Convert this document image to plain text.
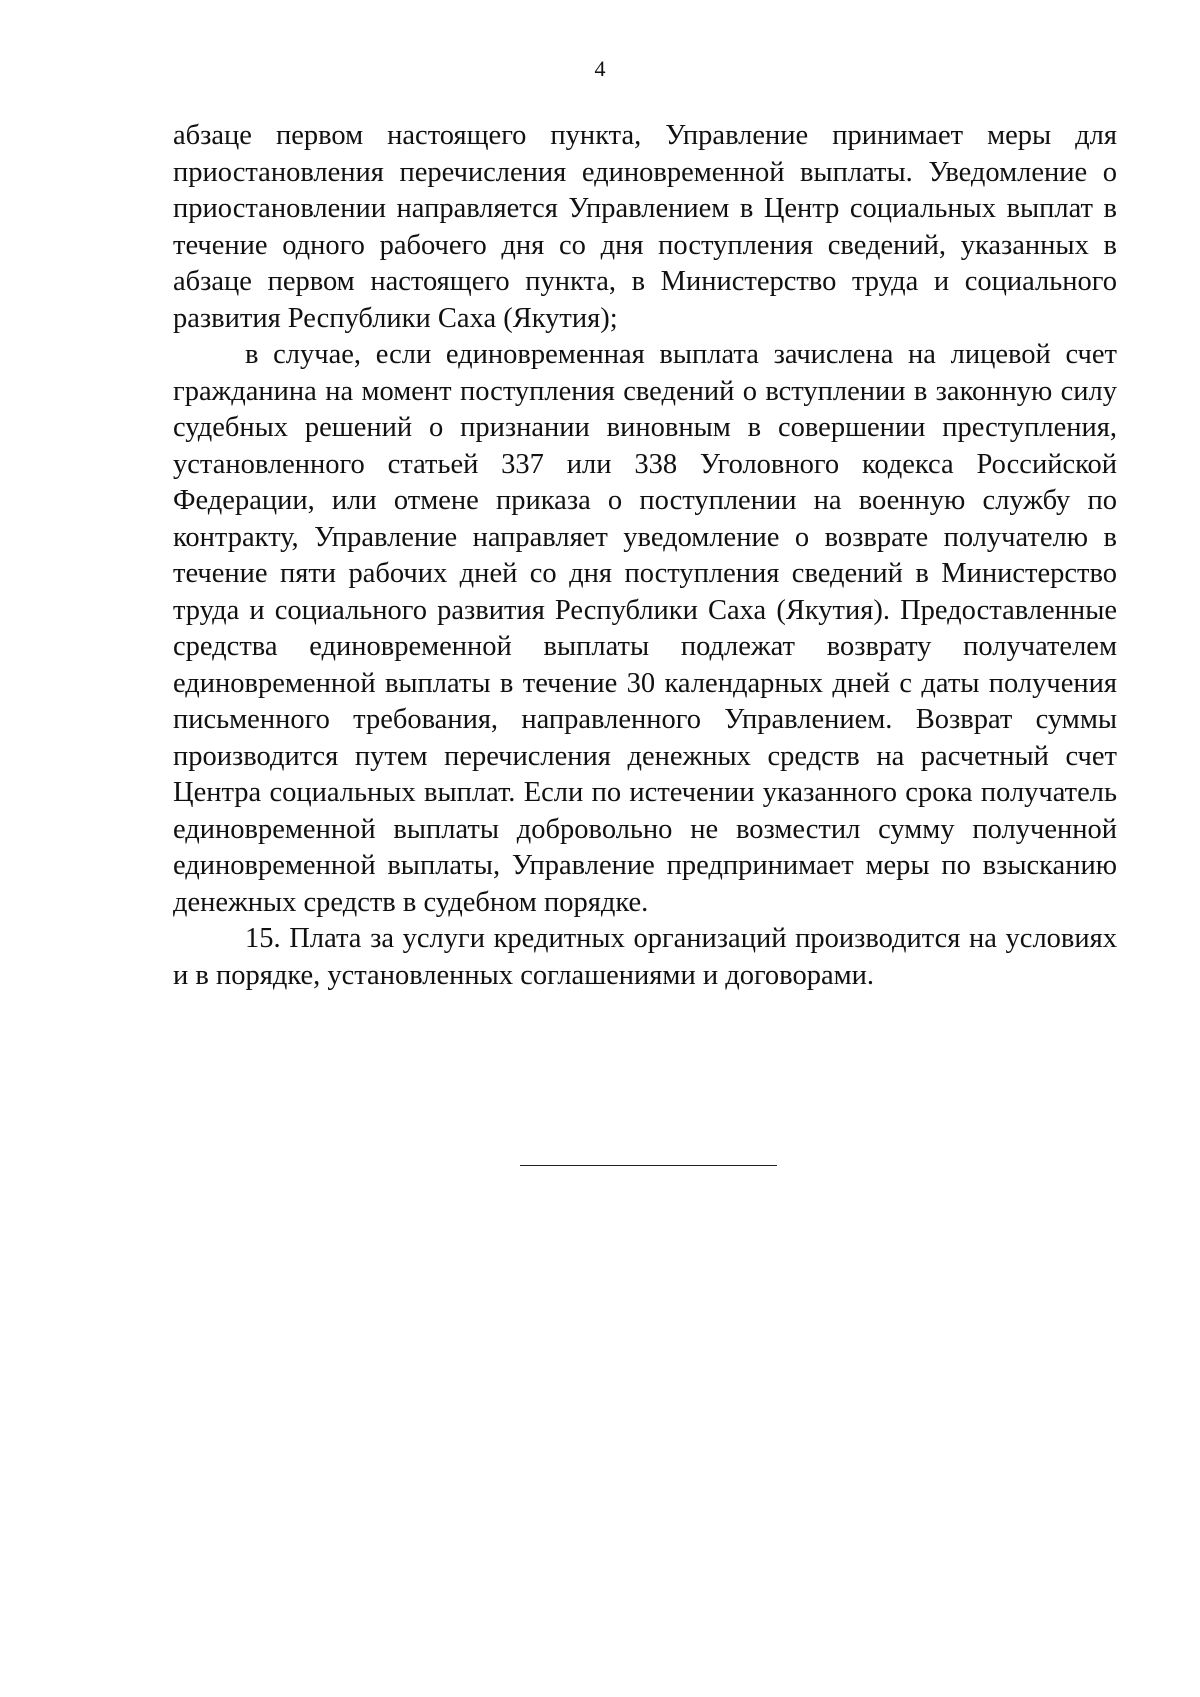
4

абзаце первом настоящего пункта, Управление принимает меры для приостановления перечисления единовременной выплаты. Уведомление о приостановлении направляется Управлением в Центр социальных выплат в течение одного рабочего дня со дня поступления сведений, указанных в абзаце первом настоящего пункта, в Министерство труда и социального развития Республики Саха (Якутия);

в случае, если единовременная выплата зачислена на лицевой счет гражданина на момент поступления сведений о вступлении в законную силу судебных решений о признании виновным в совершении преступления, установленного статьей 337 или 338 Уголовного кодекса Российской Федерации, или отмене приказа о поступлении на военную службу по контракту, Управление направляет уведомление о возврате получателю в течение пяти рабочих дней со дня поступления сведений в Министерство труда и социального развития Республики Саха (Якутия). Предоставленные средства единовременной выплаты подлежат возврату получателем единовременной выплаты в течение 30 календарных дней с даты получения письменного требования, направленного Управлением. Возврат суммы производится путем перечисления денежных средств на расчетный счет Центра социальных выплат. Если по истечении указанного срока получатель единовременной выплаты добровольно не возместил сумму полученной единовременной выплаты, Управление предпринимает меры по взысканию денежных средств в судебном порядке.

15. Плата за услуги кредитных организаций производится на условиях и в порядке, установленных соглашениями и договорами.
